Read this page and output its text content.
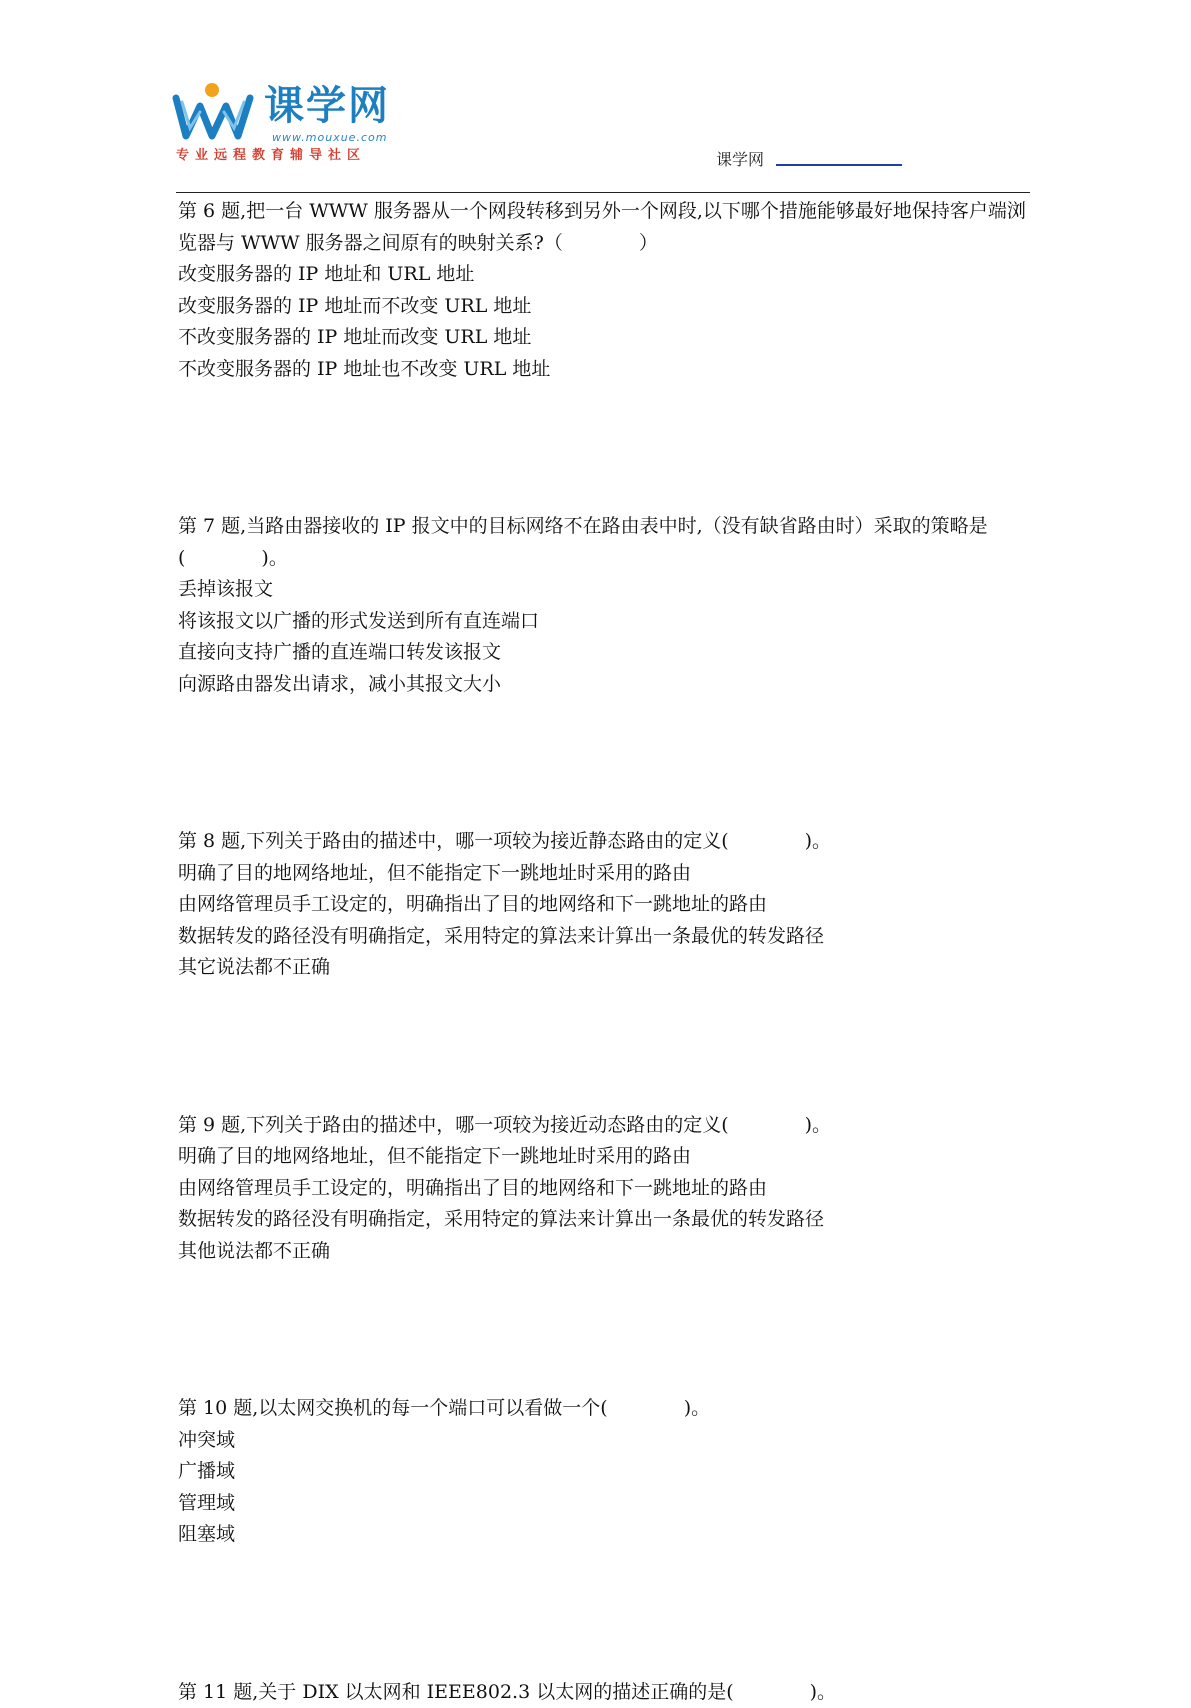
课学网
www.mouxue.com
专业远程教育辅导社区	课学网

第 6 题,把一台 WWW 服务器从一个网段转移到另外一个网段,以下哪个措施能够最好地保持客户端浏览器与 WWW 服务器之间原有的映射关系?（　　　　）

改变服务器的 IP 地址和 URL 地址

改变服务器的 IP 地址而不改变 URL 地址

不改变服务器的 IP 地址而改变 URL 地址

不改变服务器的 IP 地址也不改变 URL 地址

第 7 题,当路由器接收的 IP 报文中的目标网络不在路由表中时,（没有缺省路由时）采取的策略是(　　　　)。

丢掉该报文

将该报文以广播的形式发送到所有直连端口

直接向支持广播的直连端口转发该报文

向源路由器发出请求，减小其报文大小

第 8 题,下列关于路由的描述中，哪一项较为接近静态路由的定义(　　　　)。

明确了目的地网络地址，但不能指定下一跳地址时采用的路由

由网络管理员手工设定的，明确指出了目的地网络和下一跳地址的路由

数据转发的路径没有明确指定，采用特定的算法来计算出一条最优的转发路径

其它说法都不正确

第 9 题,下列关于路由的描述中，哪一项较为接近动态路由的定义(　　　　)。

明确了目的地网络地址，但不能指定下一跳地址时采用的路由

由网络管理员手工设定的，明确指出了目的地网络和下一跳地址的路由

数据转发的路径没有明确指定，采用特定的算法来计算出一条最优的转发路径

其他说法都不正确

第 10 题,以太网交换机的每一个端口可以看做一个(　　　　)。

冲突域

广播域

管理域

阻塞域

第 11 题,关于 DIX 以太网和 IEEE802.3 以太网的描述正确的是(　　　　)。
